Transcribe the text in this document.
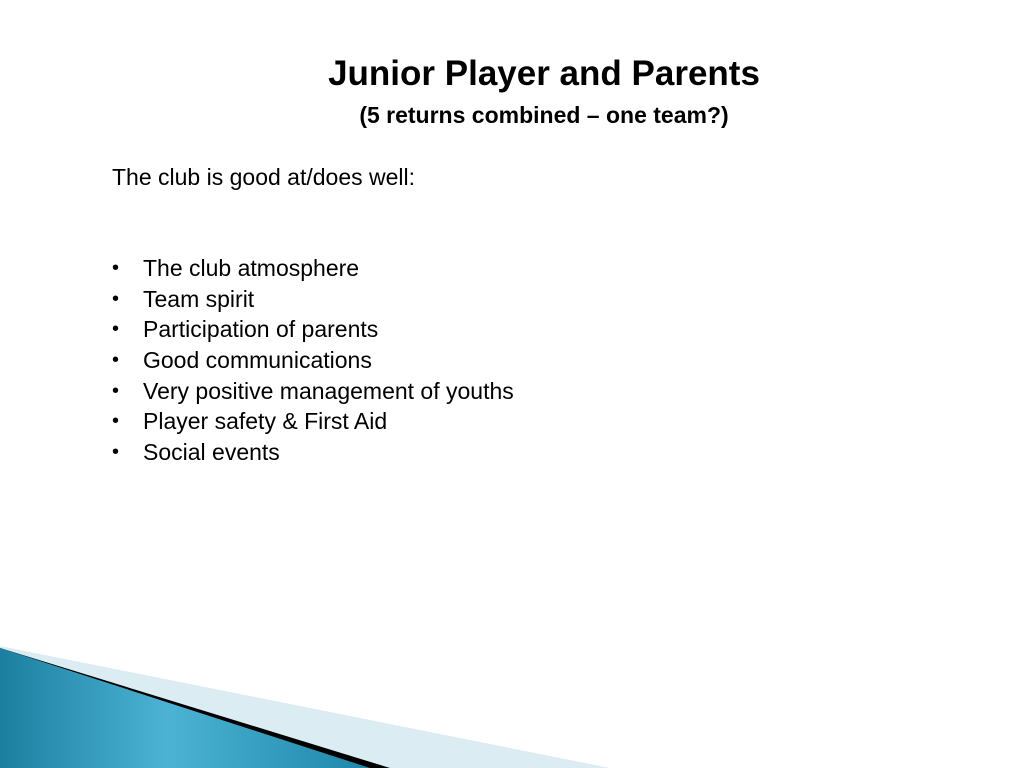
Junior Player and Parents
(5 returns combined – one team?)
The club is good at/does well:
•	The club atmosphere
•	Team spirit
•	Participation of parents
•	Good communications
•	Very positive management of youths
•	Player safety & First Aid
•	Social events
